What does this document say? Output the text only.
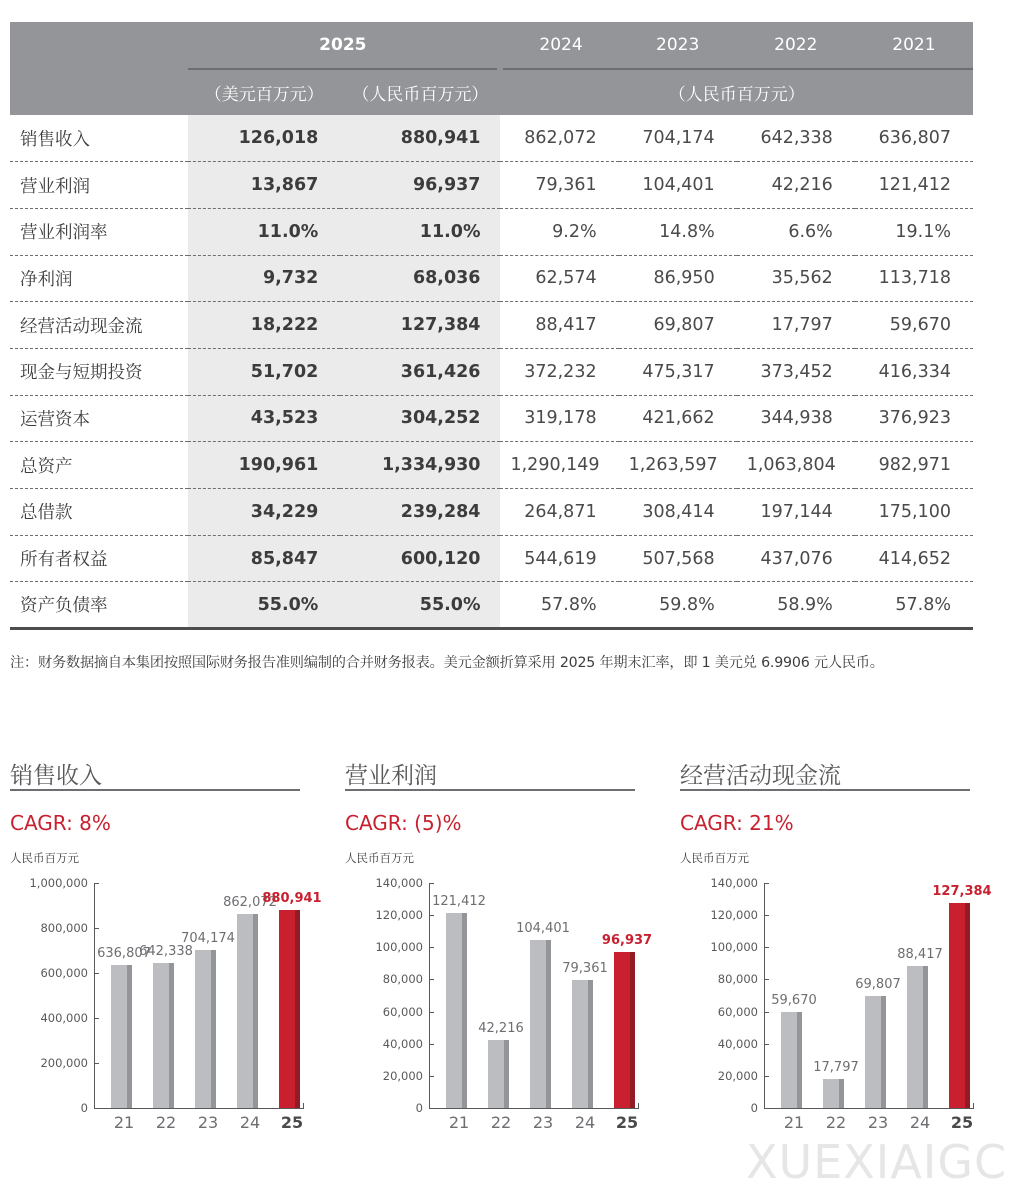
	2025		2024	2023	2022	2021
	（美元百万元）	（人民币百万元）	（人民币百万元）			
销售收入	126,018	880,941	862,072	704,174	642,338	636,807
营业利润	13,867	96,937	79,361	104,401	42,216	121,412
营业利润率	11.0%	11.0%	9.2%	14.8%	6.6%	19.1%
净利润	9,732	68,036	62,574	86,950	35,562	113,718
经营活动现金流	18,222	127,384	88,417	69,807	17,797	59,670
现金与短期投资	51,702	361,426	372,232	475,317	373,452	416,334
运营资本	43,523	304,252	319,178	421,662	344,938	376,923
总资产	190,961	1,334,930	1,290,149	1,263,597	1,063,804	982,971
总借款	34,229	239,284	264,871	308,414	197,144	175,100
所有者权益	85,847	600,120	544,619	507,568	437,076	414,652
资产负债率	55.0%	55.0%	57.8%	59.8%	58.9%	57.8%
注：财务数据摘自本集团按照国际财务报告准则编制的合并财务报表。美元金额折算采用 2025 年期末汇率，即 1 美元兑 6.9906 元人民币。
销售收入
CAGR: 8%
人民币百万元
0
200,000
400,000
600,000
800,000
1,000,000
636,807
21
642,338
22
704,174
23
862,072
24
880,941
25
营业利润
CAGR: (5)%
人民币百万元
0
20,000
40,000
60,000
80,000
100,000
120,000
140,000
121,412
21
42,216
22
104,401
23
79,361
24
96,937
25
经营活动现金流
CAGR: 21%
人民币百万元
0
20,000
40,000
60,000
80,000
100,000
120,000
140,000
59,670
21
17,797
22
69,807
23
88,417
24
127,384
25
XUEXIAIGC
